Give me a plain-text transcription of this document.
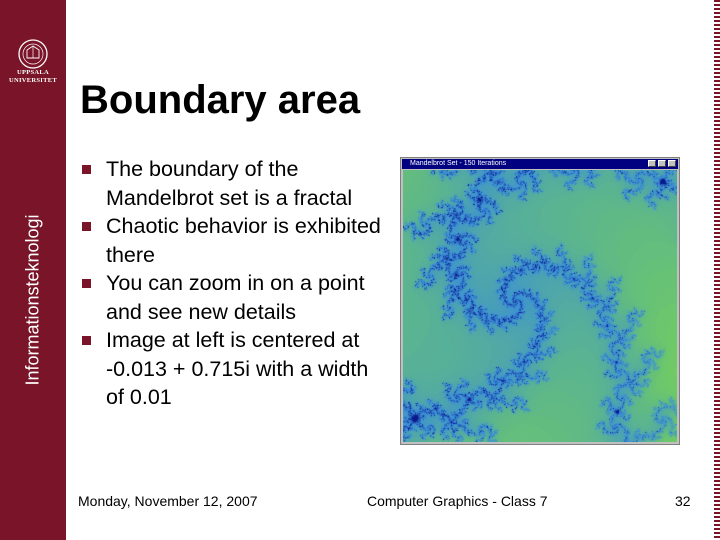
UPPSALA
UNIVERSITET
Informationsteknologi
Boundary area
The boundary of the Mandelbrot set is a fractal
Chaotic behavior is exhibited there
You can zoom in on a point and see new details
Image at left is centered at -0.013 + 0.715i with a width of 0.01
Mandelbrot Set - 150 Iterations
Monday, November 12, 2007	Computer Graphics - Class 7	32
